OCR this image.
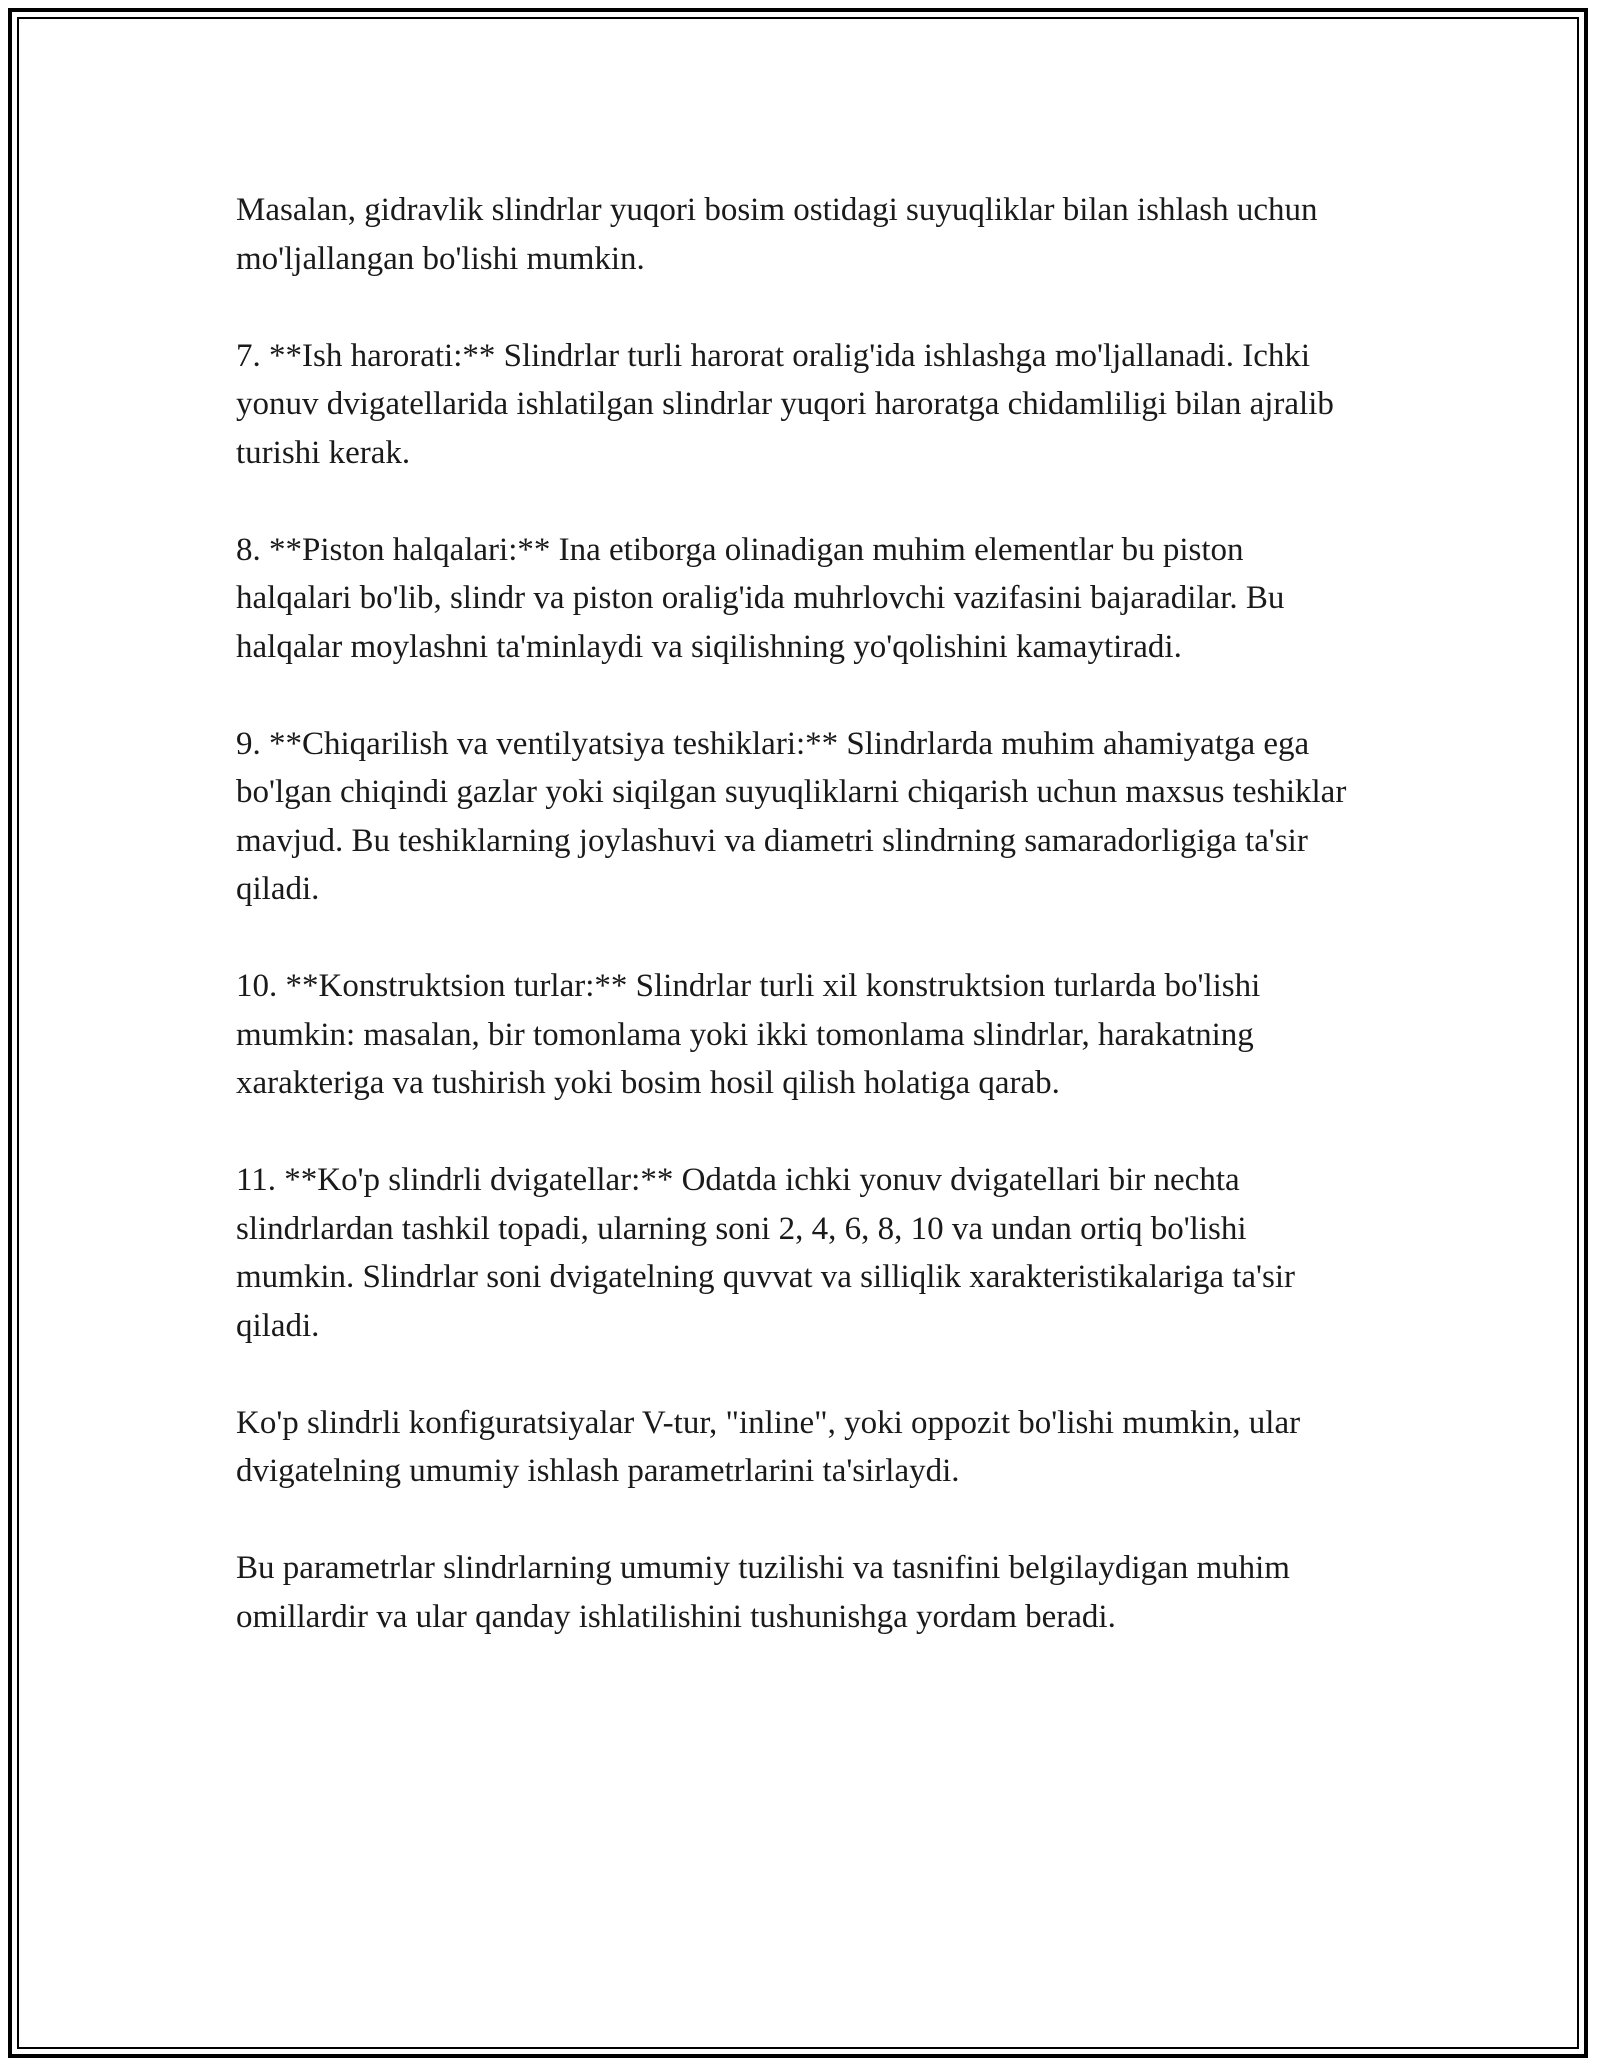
Masalan, gidravlik slindrlar yuqori bosim ostidagi suyuqliklar bilan ishlash uchun mo'ljallangan bo'lishi mumkin.

7. **Ish harorati:** Slindrlar turli harorat oralig'ida ishlashga mo'ljallanadi. Ichki yonuv dvigatellarida ishlatilgan slindrlar yuqori haroratga chidamliligi bilan ajralib turishi kerak.

8. **Piston halqalari:** Ina etiborga olinadigan muhim elementlar bu piston halqalari bo'lib, slindr va piston oralig'ida muhrlovchi vazifasini bajaradilar. Bu halqalar moylashni ta'minlaydi va siqilishning yo'qolishini kamaytiradi.

9. **Chiqarilish va ventilyatsiya teshiklari:** Slindrlarda muhim ahamiyatga ega bo'lgan chiqindi gazlar yoki siqilgan suyuqliklarni chiqarish uchun maxsus teshiklar mavjud. Bu teshiklarning joylashuvi va diametri slindrning samaradorligiga ta'sir qiladi.

10. **Konstruktsion turlar:** Slindrlar turli xil konstruktsion turlarda bo'lishi mumkin: masalan, bir tomonlama yoki ikki tomonlama slindrlar, harakatning xarakteriga va tushirish yoki bosim hosil qilish holatiga qarab.

11. **Ko'p slindrli dvigatellar:** Odatda ichki yonuv dvigatellari bir nechta slindrlardan tashkil topadi, ularning soni 2, 4, 6, 8, 10 va undan ortiq bo'lishi mumkin. Slindrlar soni dvigatelning quvvat va silliqlik xarakteristikalariga ta'sir qiladi.

Ko'p slindrli konfiguratsiyalar V-tur, "inline", yoki oppozit bo'lishi mumkin, ular dvigatelning umumiy ishlash parametrlarini ta'sirlaydi.

Bu parametrlar slindrlarning umumiy tuzilishi va tasnifini belgilaydigan muhim omillardir va ular qanday ishlatilishini tushunishga yordam beradi.
